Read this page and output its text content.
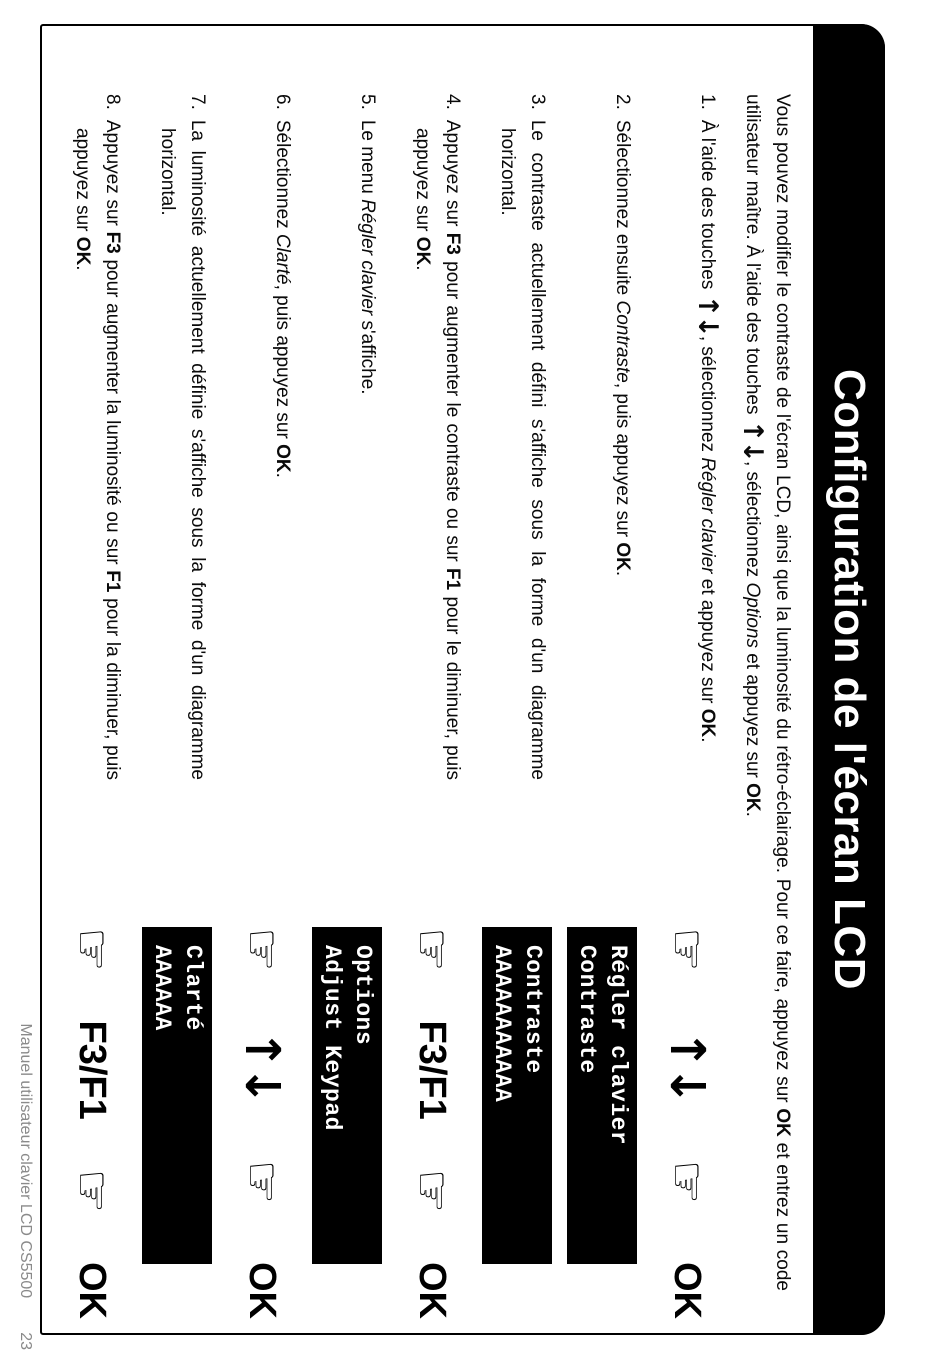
Configuration de l'écran LCD

Vous pouvez modifier le contraste de l'écran LCD, ainsi que la luminosité du rétro-éclairage. Pour ce faire, appuyez sur OK et entrez un code utilisateur maître. À l'aide des touches ↑↓, sélectionnez Options et appuyez sur OK.

1.À l'aide des touches ↑↓, sélectionnez Régler clavier et appuyez sur OK.

☞
↑↓
☞
OK

2.Sélectionnez ensuite Contraste, puis appuyez sur OK.

Régler clavier
Contraste

3.Le contraste actuellement défini s'affiche sous la forme d'un diagramme horizontal.

Contraste
AAAAAAAAAAA

4.Appuyez sur F3 pour augmenter le contraste ou sur F1 pour le diminuer, puis appuyez sur OK.

☞
F3/F1
☞
OK

5.Le menu Régler clavier s'affiche.

Options
Adjust Keypad

6.Sélectionnez Clarté, puis appuyez sur OK.

☞
↑↓
☞
OK

7.La luminosité actuellement définie s'affiche sous la forme d'un diagramme horizontal.

Clarté
AAAAAA

8.Appuyez sur F3 pour augmenter la luminosité ou sur F1 pour la diminuer, puis appuyez sur OK.

☞
F3/F1
☞
OK
Manuel utilisateur clavier LCD CS550023
